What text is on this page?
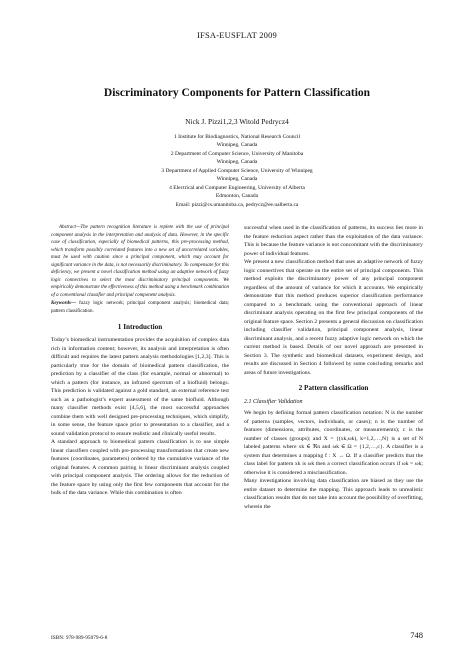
IFSA-EUSFLAT 2009
Discriminatory Components for Pattern Classification
Nick J. Pizzi1,2,3 Witold Pedrycz4
1 Institute for Biodiagnostics, National Research Council
Winnipeg, Canada
2 Department of Computer Science, University of Manitoba
Winnipeg, Canada
3 Department of Applied Computer Science, University of Winnipeg
Winnipeg, Canada
4 Electrical and Computer Engineering, University of Alberta
Edmonton, Canada
Email: pizzi@cs.umanitoba.ca, pedrycz@ee.ualberta.ca

Abstract—The pattern recognition literature is replete with the use of principal component analysis in the interpretation and analysis of data. However, in the specific case of classification, especially of biomedical patterns, this pre-processing method, which transform possibly correlated features into a new set of uncorrelated variables, must be used with caution since a principal component, which may account for significant variance in the data, is not necessarily discriminatory. To compensate for this deficiency, we present a novel classification method using an adaptive network of fuzzy logic connectives to select the most discriminatory principal components. We empirically demonstrate the effectiveness of this method using a benchmark combination of a conventional classifier and principal component analysis.

Keywords— fuzzy logic network; principal component analysis; biomedical data; pattern classification.

1 Introduction

Today’s biomedical instrumentation provides the acquisition of complex data rich in information content; however, its analysis and interpretation is often difficult and requires the latest pattern analysis methodologies [1,2,3]. This is particularly true for the domain of biomedical pattern classification, the prediction by a classifier of the class (for example, normal or abnormal) to which a pattern (for instance, an infrared spectrum of a biofluid) belongs. This prediction is validated against a gold standard, an external reference test such as a pathologist’s expert assessment of the same biofluid. Although many classifier methods exist [4,5,6], the most successful approaches combine them with well designed pre-processing techniques, which simplify, in some sense, the feature space prior to presentation to a classifier, and a sound validation protocol to ensure realistic and clinically useful results.

A standard approach to biomedical pattern classification is to use simple linear classifiers coupled with pre-processing transformations that create new features (coordinates, parameters) ordered by the cumulative variance of the original features. A common pairing is linear discriminant analysis coupled with principal component analysis. The ordering allows for the reduction of the feature space by using only the first few components that account for the bulk of the data variance. While this combination is often

successful when used in the classification of patterns, its success lies more in the feature reduction aspect rather than the exploitation of the data variance. This is because the feature variance is not concomitant with the discriminatory power of individual features.

We present a new classification method that uses an adaptive network of fuzzy logic connectives that operate on the entire set of principal components. This method exploits the discriminatory power of any principal component regardless of the amount of variance for which it accounts. We empirically demonstrate that this method produces superior classification performance compared to a benchmark using the conventional approach of linear discriminant analysis operating on the first few principal components of the original feature space. Section 2 presents a general discussion on classification including classifier validation, principal component analysis, linear discriminant analysis, and a recent fuzzy adaptive logic network on which the current method is based. Details of our novel approach are presented in Section 3. The synthetic and biomedical datasets, experiment design, and results are discussed in Section 4 followed by some concluding remarks and areas of future investigations.

2 Pattern classification
2.1 Classifier Validation

We begin by defining formal pattern classification notation: N is the number of patterns (samples, vectors, individuals, or cases); n is the number of features (dimensions, attributes, coordinates, or measurements); c is the number of classes (groups); and X = {(xk,ωk), k=1,2,…,N} is a set of N labeled patterns where xk ∈ ℜn and ωk ∈ Ω = {1,2,…,c}. A classifier is a system that determines a mapping f : X → Ω. If a classifier predicts that the class label for pattern xk is ωk then a correct classification occurs if ωk = ωk; otherwise it is considered a misclassification.

Many investigations involving data classification are biased as they use the entire dataset to determine the mapping. This approach leads to unrealistic classification results that do not take into account the possibility of overfitting, wherein the

ISBN: 978-989-95079-6-8	748
